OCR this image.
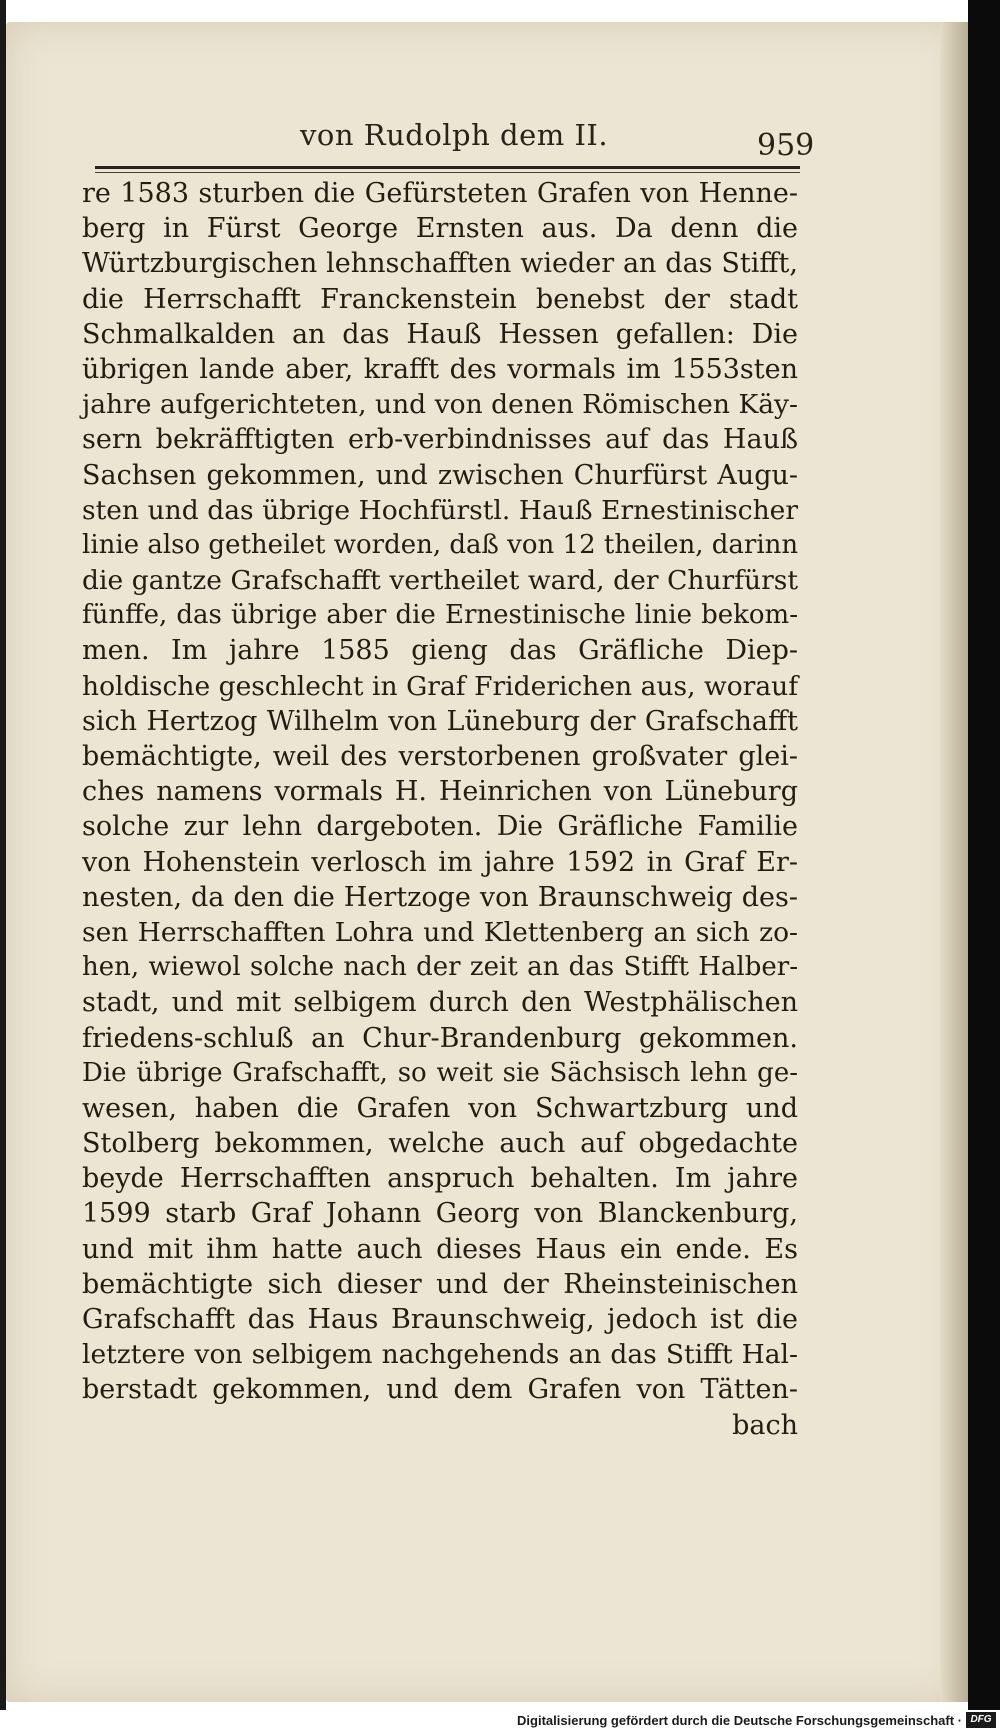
von Rudolph dem II.	959
re 1583 sturben die Gefürsteten Grafen von Henne-
berg in Fürst George Ernsten aus. Da denn die
Würtzburgischen lehnschafften wieder an das Stifft,
die Herrschafft Franckenstein benebst der stadt
Schmalkalden an das Hauß Hessen gefallen: Die
übrigen lande aber, krafft des vormals im 1553sten
jahre aufgerichteten, und von denen Römischen Käy-
sern bekräfftigten erb-verbindnisses auf das Hauß
Sachsen gekommen, und zwischen Churfürst Augu-
sten und das übrige Hochfürstl. Hauß Ernestinischer
linie also getheilet worden, daß von 12 theilen, darinn
die gantze Grafschafft vertheilet ward, der Churfürst
fünffe, das übrige aber die Ernestinische linie bekom-
men. Im jahre 1585 gieng das Gräfliche Diep-
holdische geschlecht in Graf Friderichen aus, worauf
sich Hertzog Wilhelm von Lüneburg der Grafschafft
bemächtigte, weil des verstorbenen großvater glei-
ches namens vormals H. Heinrichen von Lüneburg
solche zur lehn dargeboten. Die Gräfliche Familie
von Hohenstein verlosch im jahre 1592 in Graf Er-
nesten, da den die Hertzoge von Braunschweig des-
sen Herrschafften Lohra und Klettenberg an sich zo-
hen, wiewol solche nach der zeit an das Stifft Halber-
stadt, und mit selbigem durch den Westphälischen
friedens-schluß an Chur-Brandenburg gekommen.
Die übrige Grafschafft, so weit sie Sächsisch lehn ge-
wesen, haben die Grafen von Schwartzburg und
Stolberg bekommen, welche auch auf obgedachte
beyde Herrschafften anspruch behalten. Im jahre
1599 starb Graf Johann Georg von Blanckenburg,
und mit ihm hatte auch dieses Haus ein ende. Es
bemächtigte sich dieser und der Rheinsteinischen
Grafschafft das Haus Braunschweig, jedoch ist die
letztere von selbigem nachgehends an das Stifft Hal-
berstadt gekommen, und dem Grafen von Tätten-
bach
Digitalisierung gefördert durch die Deutsche Forschungsgemeinschaft · DFG
